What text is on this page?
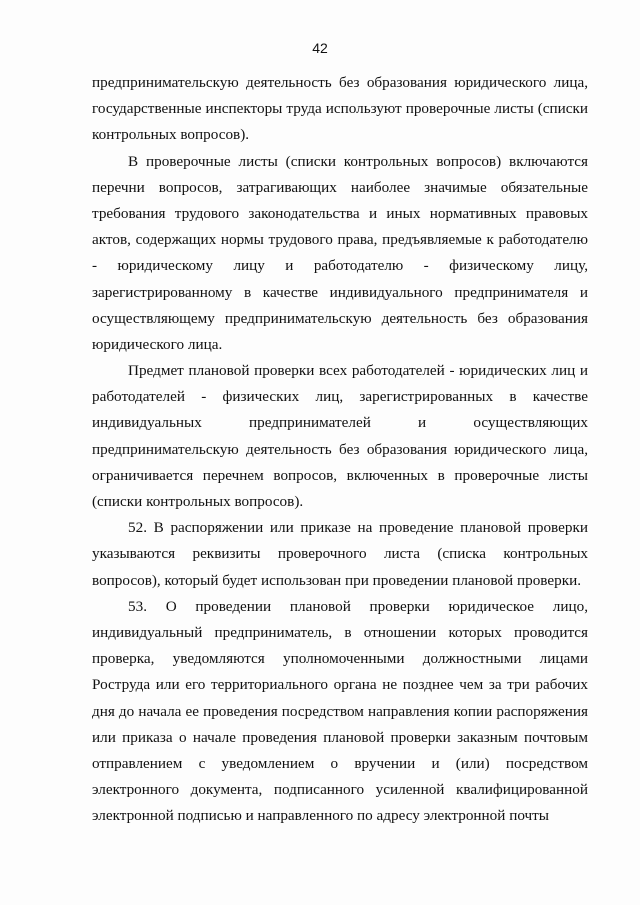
42
предпринимательскую деятельность без образования юридического лица,
государственные инспекторы труда используют проверочные листы (списки
контрольных вопросов).
В проверочные листы (списки контрольных вопросов) включаются
перечни вопросов, затрагивающих наиболее значимые обязательные
требования трудового законодательства и иных нормативных правовых
актов, содержащих нормы трудового права, предъявляемые к работодателю
- юридическому лицу и работодателю - физическому лицу,
зарегистрированному в качестве индивидуального предпринимателя и
осуществляющему предпринимательскую деятельность без образования
юридического лица.
Предмет плановой проверки всех работодателей - юридических лиц и
работодателей - физических лиц, зарегистрированных в качестве
индивидуальных предпринимателей и осуществляющих
предпринимательскую деятельность без образования юридического лица,
ограничивается перечнем вопросов, включенных в проверочные листы
(списки контрольных вопросов).
52. В распоряжении или приказе на проведение плановой проверки
указываются реквизиты проверочного листа (списка контрольных
вопросов), который будет использован при проведении плановой проверки.
53. О проведении плановой проверки юридическое лицо,
индивидуальный предприниматель, в отношении которых проводится
проверка, уведомляются уполномоченными должностными лицами
Роструда или его территориального органа не позднее чем за три рабочих
дня до начала ее проведения посредством направления копии распоряжения
или приказа о начале проведения плановой проверки заказным почтовым
отправлением с уведомлением о вручении и (или) посредством
электронного документа, подписанного усиленной квалифицированной
электронной подписью и направленного по адресу электронной почты
